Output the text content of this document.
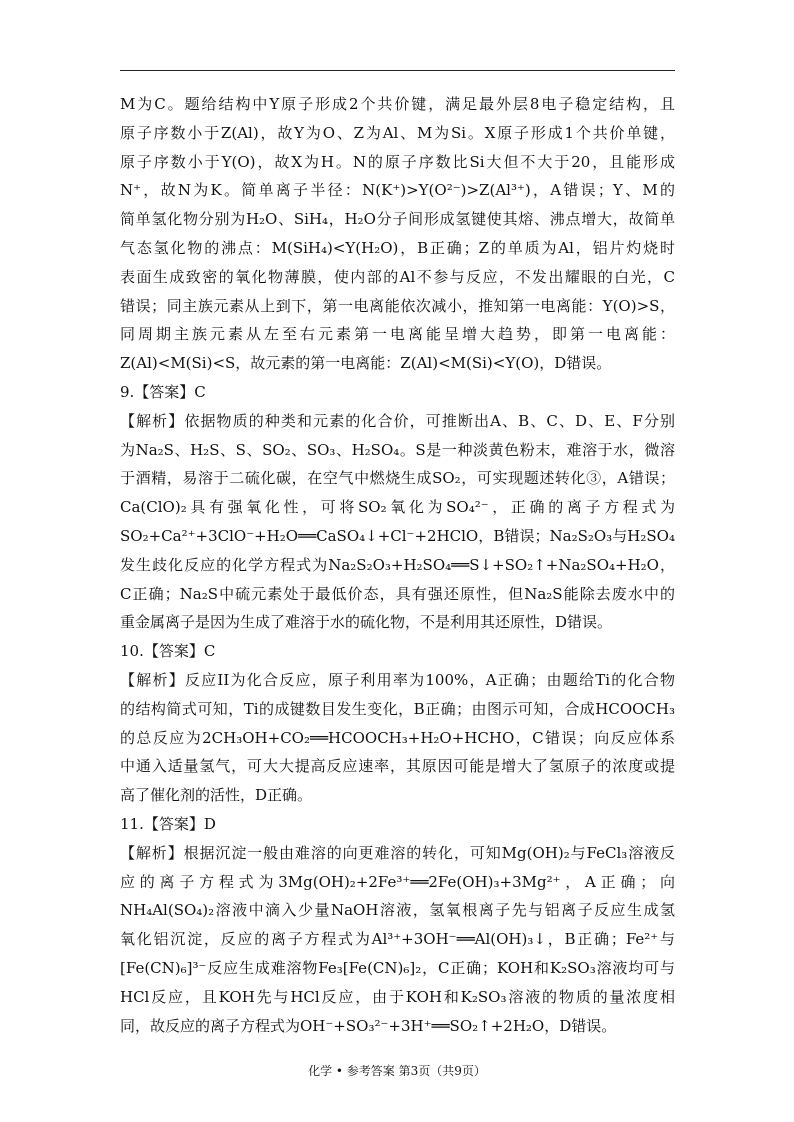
M为C。题给结构中Y原子形成2个共价键，满足最外层8电子稳定结构，且

原子序数小于Z(Al)，故Y为O、Z为Al、M为Si。X原子形成1个共价单键，

原子序数小于Y(O)，故X为H。N的原子序数比Si大但不大于20，且能形成

N⁺，故N为K。简单离子半径：N(K⁺)>Y(O²⁻)>Z(Al³⁺)，A错误；Y、M的

简单氢化物分别为H₂O、SiH₄，H₂O分子间形成氢键使其熔、沸点增大，故简单

气态氢化物的沸点：M(SiH₄)<Y(H₂O)，B正确；Z的单质为Al，铝片灼烧时

表面生成致密的氧化物薄膜，使内部的Al不参与反应，不发出耀眼的白光，C

错误；同主族元素从上到下，第一电离能依次减小，推知第一电离能：Y(O)>S，

同周期主族元素从左至右元素第一电离能呈增大趋势，即第一电离能：

Z(Al)<M(Si)<S，故元素的第一电离能：Z(Al)<M(Si)<Y(O)，D错误。

9.【答案】C

【解析】依据物质的种类和元素的化合价，可推断出A、B、C、D、E、F分别

为Na₂S、H₂S、S、SO₂、SO₃、H₂SO₄。S是一种淡黄色粉末，难溶于水，微溶

于酒精，易溶于二硫化碳，在空气中燃烧生成SO₂，可实现题述转化③，A错误；

Ca(ClO)₂具有强氧化性，可将SO₂氧化为SO₄²⁻，正确的离子方程式为

SO₂+Ca²⁺+3ClO⁻+H₂O══CaSO₄↓+Cl⁻+2HClO，B错误；Na₂S₂O₃与H₂SO₄

发生歧化反应的化学方程式为Na₂S₂O₃+H₂SO₄══S↓+SO₂↑+Na₂SO₄+H₂O，

C正确；Na₂S中硫元素处于最低价态，具有强还原性，但Na₂S能除去废水中的

重金属离子是因为生成了难溶于水的硫化物，不是利用其还原性，D错误。

10.【答案】C

【解析】反应II为化合反应，原子利用率为100%，A正确；由题给Ti的化合物

的结构简式可知，Ti的成键数目发生变化，B正确；由图示可知，合成HCOOCH₃

的总反应为2CH₃OH+CO₂══HCOOCH₃+H₂O+HCHO，C错误；向反应体系

中通入适量氢气，可大大提高反应速率，其原因可能是增大了氢原子的浓度或提

高了催化剂的活性，D正确。

11.【答案】D

【解析】根据沉淀一般由难溶的向更难溶的转化，可知Mg(OH)₂与FeCl₃溶液反

应的离子方程式为3Mg(OH)₂+2Fe³⁺══2Fe(OH)₃+3Mg²⁺，A正确；向

NH₄Al(SO₄)₂溶液中滴入少量NaOH溶液，氢氧根离子先与铝离子反应生成氢

氧化铝沉淀，反应的离子方程式为Al³⁺+3OH⁻══Al(OH)₃↓，B正确；Fe²⁺与

[Fe(CN)₆]³⁻反应生成难溶物Fe₃[Fe(CN)₆]₂，C正确；KOH和K₂SO₃溶液均可与

HCl反应，且KOH先与HCl反应，由于KOH和K₂SO₃溶液的物质的量浓度相

同，故反应的离子方程式为OH⁻+SO₃²⁻+3H⁺══SO₂↑+2H₂O，D错误。

化学 • 参考答案 第3页（共9页）
